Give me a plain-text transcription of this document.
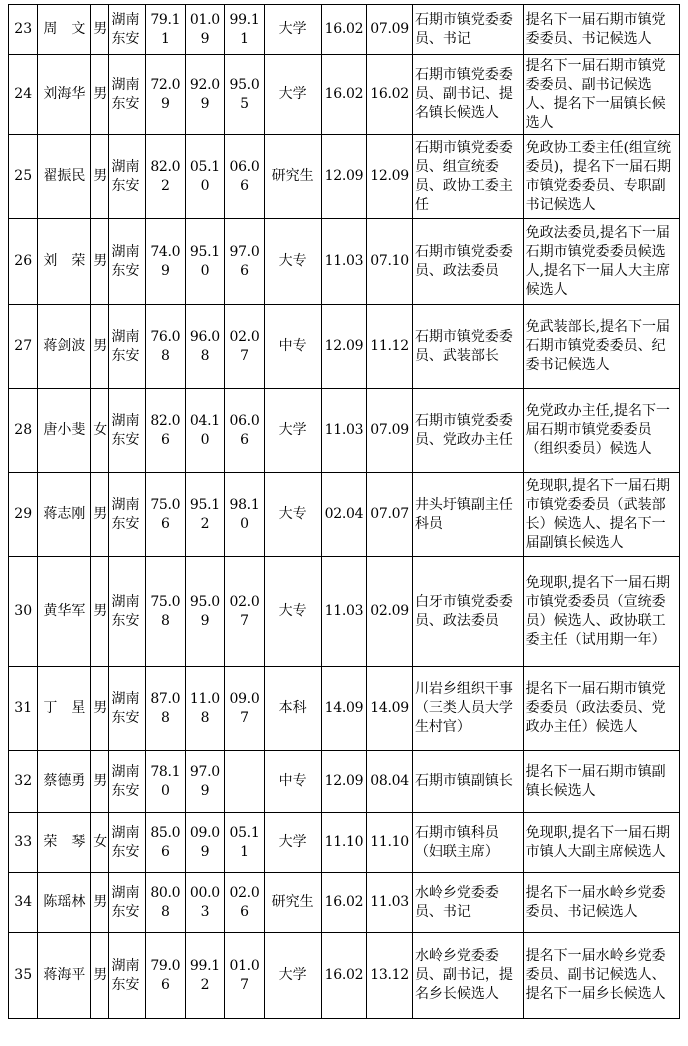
23	周　文	男	湖南东安	79.11	01.09	99.11	大学	16.02	07.09	石期市镇党委委员、书记	提名下一届石期市镇党委委员、书记候选人
24	刘海华	男	湖南东安	72.09	92.09	95.05	大学	16.02	16.02	石期市镇党委委员、副书记、提名镇长候选人	提名下一届石期市镇党委委员、副书记候选人、提名下一届镇长候选人
25	翟振民	男	湖南东安	82.02	05.10	06.06	研究生	12.09	12.09	石期市镇党委委员、组宣统委员、政协工委主任	免政协工委主任(组宣统委员)，提名下一届石期市镇党委委员、专职副书记候选人
26	刘　荣	男	湖南东安	74.09	95.10	97.06	大专	11.03	07.10	石期市镇党委委员、政法委员	免政法委员,提名下一届石期市镇党委委员候选人,提名下一届人大主席候选人
27	蒋剑波	男	湖南东安	76.08	96.08	02.07	中专	12.09	11.12	石期市镇党委委员、武装部长	免武装部长,提名下一届石期市镇党委委员、纪委书记候选人
28	唐小斐	女	湖南东安	82.06	04.10	06.06	大学	11.03	07.09	石期市镇党委委员、党政办主任	免党政办主任,提名下一届石期市镇党委委员（组织委员）候选人
29	蒋志刚	男	湖南东安	75.06	95.12	98.10	大专	02.04	07.07	井头圩镇副主任科员	免现职,提名下一届石期市镇党委委员（武装部长）候选人、提名下一届副镇长候选人
30	黄华军	男	湖南东安	75.08	95.09	02.07	大专	11.03	02.09	白牙市镇党委委员、政法委员	免现职,提名下一届石期市镇党委委员（宣统委员）候选人、政协联工委主任（试用期一年）
31	丁　星	男	湖南东安	87.08	11.08	09.07	本科	14.09	14.09	川岩乡组织干事（三类人员大学生村官）	提名下一届石期市镇党委委员（政法委员、党政办主任）候选人
32	蔡德勇	男	湖南东安	78.10	97.09		中专	12.09	08.04	石期市镇副镇长	提名下一届石期市镇副镇长候选人
33	荣　琴	女	湖南东安	85.06	09.09	05.11	大学	11.10	11.10	石期市镇科员（妇联主席）	免现职,提名下一届石期市镇人大副主席候选人
34	陈瑶林	男	湖南东安	80.08	00.03	02.06	研究生	16.02	11.03	水岭乡党委委员、书记	提名下一届水岭乡党委委员、书记候选人
35	蒋海平	男	湖南东安	79.06	99.12	01.07	大学	16.02	13.12	水岭乡党委委员、副书记，提名乡长候选人	提名下一届水岭乡党委委员、副书记候选人、提名下一届乡长候选人
